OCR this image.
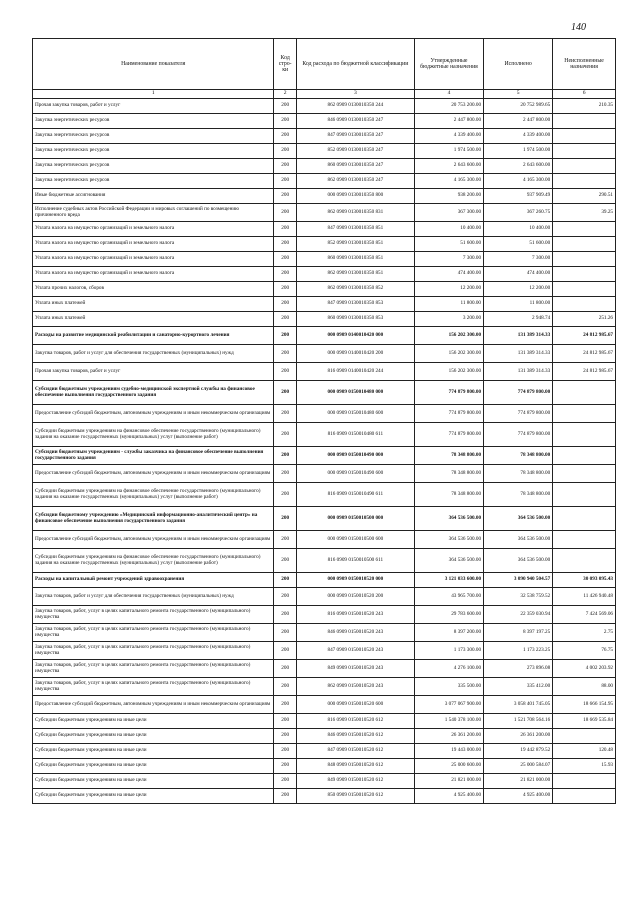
140
Наименование показателя	Код стро-ки	Код расхода по бюджетной классификации	Утвержденные бюджетные назначения	Исполнено	Неисполненные назначения
1	2	3	4	5	6
Прочая закупка товаров, работ и услуг	200	862 0909 0130010350 244	20 753 200.00	20 752 989.65	210.35
Закупка энергетических ресурсов	200	846 0909 0130010350 247	2 447 800.00	2 447 800.00	
Закупка энергетических ресурсов	200	847 0909 0130010350 247	4 339 400.00	4 339 400.00	
Закупка энергетических ресурсов	200	852 0909 0130010350 247	1 974 500.00	1 974 500.00	
Закупка энергетических ресурсов	200	860 0909 0130010350 247	2 643 600.00	2 643 600.00	
Закупка энергетических ресурсов	200	862 0909 0130010350 247	4 165 300.00	4 165 300.00	
Иные бюджетные ассигнования	200	000 0909 0130010350 800	938 200.00	937 909.49	290.51
Исполнение судебных актов Российской Федерации и мировых соглашений по возмещению причиненного вреда	200	862 0909 0130010350 831	367 300.00	367 260.75	39.25
Уплата налога на имущество организаций и земельного налога	200	847 0909 0130010350 851	10 400.00	10 400.00	
Уплата налога на имущество организаций и земельного налога	200	852 0909 0130010350 851	51 600.00	51 600.00	
Уплата налога на имущество организаций и земельного налога	200	860 0909 0130010350 851	7 300.00	7 300.00	
Уплата налога на имущество организаций и земельного налога	200	862 0909 0130010350 851	474 400.00	474 400.00	
Уплата прочих налогов, сборов	200	862 0909 0130010350 852	12 200.00	12 200.00	
Уплата иных платежей	200	847 0909 0130010350 853	11 800.00	11 800.00	
Уплата иных платежей	200	860 0909 0130010350 853	3 200.00	2 948.74	251.26
Расходы на развитие медицинской реабилитации и санаторно-курортного лечения	200	000 0909 0140010420 000	156 202 300.00	131 389 314.33	24 812 985.67
Закупка товаров, работ и услуг для обеспечения государственных (муниципальных) нужд	200	000 0909 0140010420 200	156 202 300.00	131 389 314.33	24 812 985.67
Прочая закупка товаров, работ и услуг	200	816 0909 0140010420 244	156 202 300.00	131 389 314.33	24 812 985.67
Субсидии бюджетным учреждениям судебно-медицинской экспертной службы на финансовое обеспечение выполнения государственного задания	200	000 0909 0150010480 000	774 879 800.00	774 879 800.00	
Предоставление субсидий бюджетным, автономным учреждениям и иным некоммерческим организациям	200	000 0909 0150010480 600	774 879 800.00	774 879 800.00	
Субсидии бюджетным учреждениям на финансовое обеспечение государственного (муниципального) задания на оказание государственных (муниципальных) услуг (выполнение работ)	200	816 0909 0150010480 611	774 879 800.00	774 879 800.00	
Субсидии бюджетным учреждениям - службы заказчика на финансовое обеспечение выполнения государственного задания	200	000 0909 0150010490 000	78 348 800.00	78 348 800.00	
Предоставление субсидий бюджетным, автономным учреждениям и иным некоммерческим организациям	200	000 0909 0150010490 600	78 348 800.00	78 348 800.00	
Субсидии бюджетным учреждениям на финансовое обеспечение государственного (муниципального) задания на оказание государственных (муниципальных) услуг (выполнение работ)	200	816 0909 0150010490 611	78 348 800.00	78 348 800.00	
Субсидии бюджетному учреждению «Медицинский информационно-аналитический центр» на финансовое обеспечение выполнения государственного задания	200	000 0909 0150010500 000	364 536 500.00	364 536 500.00	
Предоставление субсидий бюджетным, автономным учреждениям и иным некоммерческим организациям	200	000 0909 0150010500 600	364 536 500.00	364 536 500.00	
Субсидии бюджетным учреждениям на финансовое обеспечение государственного (муниципального) задания на оказание государственных (муниципальных) услуг (выполнение работ)	200	816 0909 0150010500 611	364 536 500.00	364 536 500.00	
Расходы на капитальный ремонт учреждений здравоохранения	200	000 0909 0150010520 000	3 121 033 600.00	3 090 940 504.57	30 093 095.43
Закупка товаров, работ и услуг для обеспечения государственных (муниципальных) нужд	200	000 0909 0150010520 200	43 965 700.00	32 538 759.52	11 426 940.48
Закупка товаров, работ, услуг в целях капитального ремонта государственного (муниципального) имущества	200	816 0909 0150010520 243	29 783 600.00	22 359 030.94	7 424 569.06
Закупка товаров, работ, услуг в целях капитального ремонта государственного (муниципального) имущества	200	846 0909 0150010520 243	8 397 200.00	8 397 197.25	2.75
Закупка товаров, работ, услуг в целях капитального ремонта государственного (муниципального) имущества	200	847 0909 0150010520 243	1 173 300.00	1 173 223.25	76.75
Закупка товаров, работ, услуг в целях капитального ремонта государственного (муниципального) имущества	200	849 0909 0150010520 243	4 276 100.00	273 896.08	4 002 203.92
Закупка товаров, работ, услуг в целях капитального ремонта государственного (муниципального) имущества	200	862 0909 0150010520 243	335 500.00	335 412.00	88.00
Предоставление субсидий бюджетным, автономным учреждениям и иным некоммерческим организациям	200	000 0909 0150010520 600	3 077 067 900.00	3 058 401 745.05	18 666 154.95
Субсидии бюджетным учреждениям на иные цели	200	816 0909 0150010520 612	1 540 378 100.00	1 521 708 564.16	18 669 535.84
Субсидии бюджетным учреждениям на иные цели	200	846 0909 0150010520 612	26 361 200.00	26 361 200.00	
Субсидии бюджетным учреждениям на иные цели	200	847 0909 0150010520 612	19 443 000.00	19 442 879.52	120.48
Субсидии бюджетным учреждениям на иные цели	200	848 0909 0150010520 612	25 000 600.00	25 000 584.07	15.93
Субсидии бюджетным учреждениям на иные цели	200	849 0909 0150010520 612	21 821 000.00	21 821 000.00	
Субсидии бюджетным учреждениям на иные цели	200	850 0909 0150010520 612	4 925 400.00	4 925 400.00	
